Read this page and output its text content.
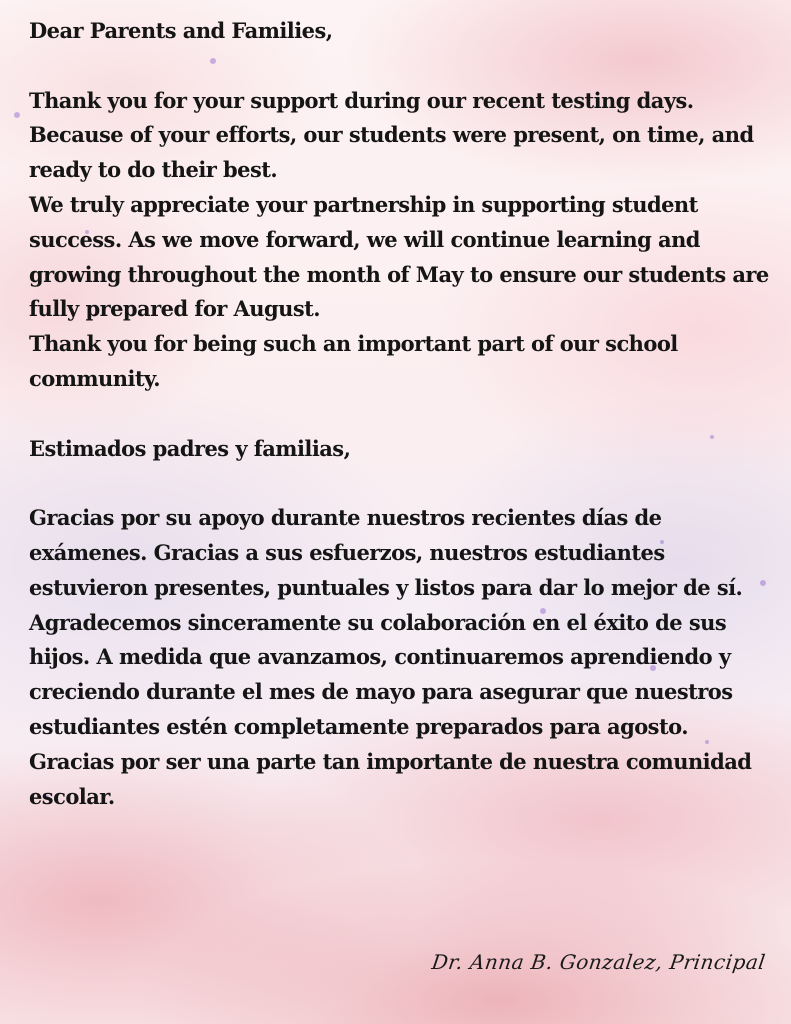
Dear Parents and Families,

Thank you for your support during our recent testing days. Because of your efforts, our students were present, on time, and ready to do their best.

We truly appreciate your partnership in supporting student success. As we move forward, we will continue learning and growing throughout the month of May to ensure our students are fully prepared for August.

Thank you for being such an important part of our school community.

Estimados padres y familias,

Gracias por su apoyo durante nuestros recientes días de exámenes. Gracias a sus esfuerzos, nuestros estudiantes estuvieron presentes, puntuales y listos para dar lo mejor de sí.

Agradecemos sinceramente su colaboración en el éxito de sus hijos. A medida que avanzamos, continuaremos aprendiendo y creciendo durante el mes de mayo para asegurar que nuestros estudiantes estén completamente preparados para agosto.

Gracias por ser una parte tan importante de nuestra comunidad escolar.

Dr. Anna B. Gonzalez, Principal
